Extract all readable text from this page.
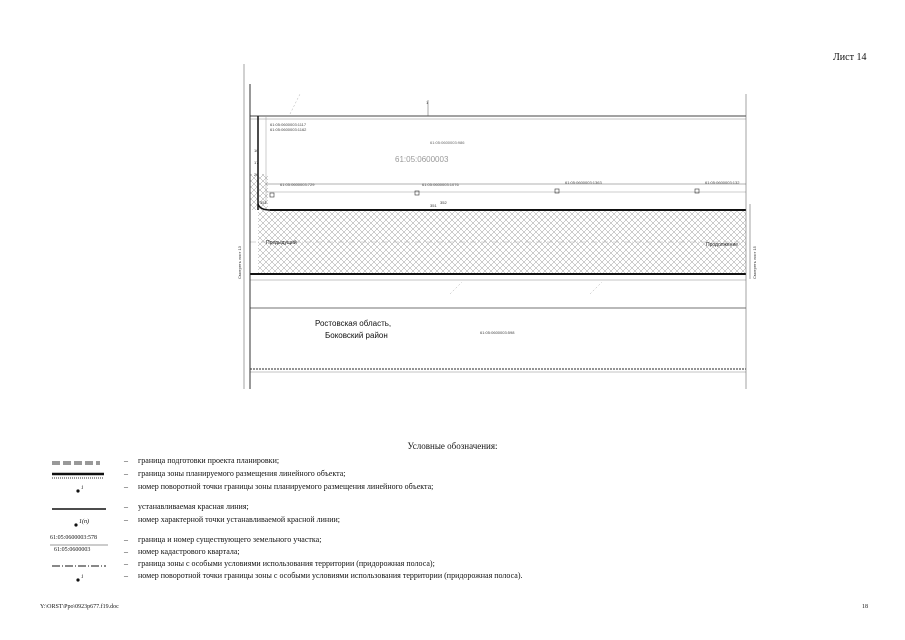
Лист 14
61:05:0600003
61:05:0600003:986
61:05:0600003:729	61:05:0600003:1076	61:05:0600003:1363	61:05:0600003:132
61:05:0600003:598
61:05:0600003:1117
61:05:0600003:1162
351
351
352
1
16
17
29
Предыдущий	Продолжение
Смотреть лист 13	Смотреть лист 15
Ростовская область,
Боковский район
Условные обозначения:
– граница подготовки проекта планировки;
– граница зоны планируемого размещения линейного объекта;
1	– номер поворотной точки границы зоны планируемого размещения линейного объекта;
– устанавливаемая красная линия;
1(п)	– номер характерной точки устанавливаемой красной линии;
61:05:0600003:578	– граница и номер существующего земельного участка;
61:05:0600003	– номер кадастрового квартала;
– граница зоны с особыми условиями использования территории (придорожная полоса);
1	– номер поворотной точки границы зоны с особыми условиями использования территории (придорожная полоса).
Y:\ORST\Ppo\0923p677.f19.doc	18
